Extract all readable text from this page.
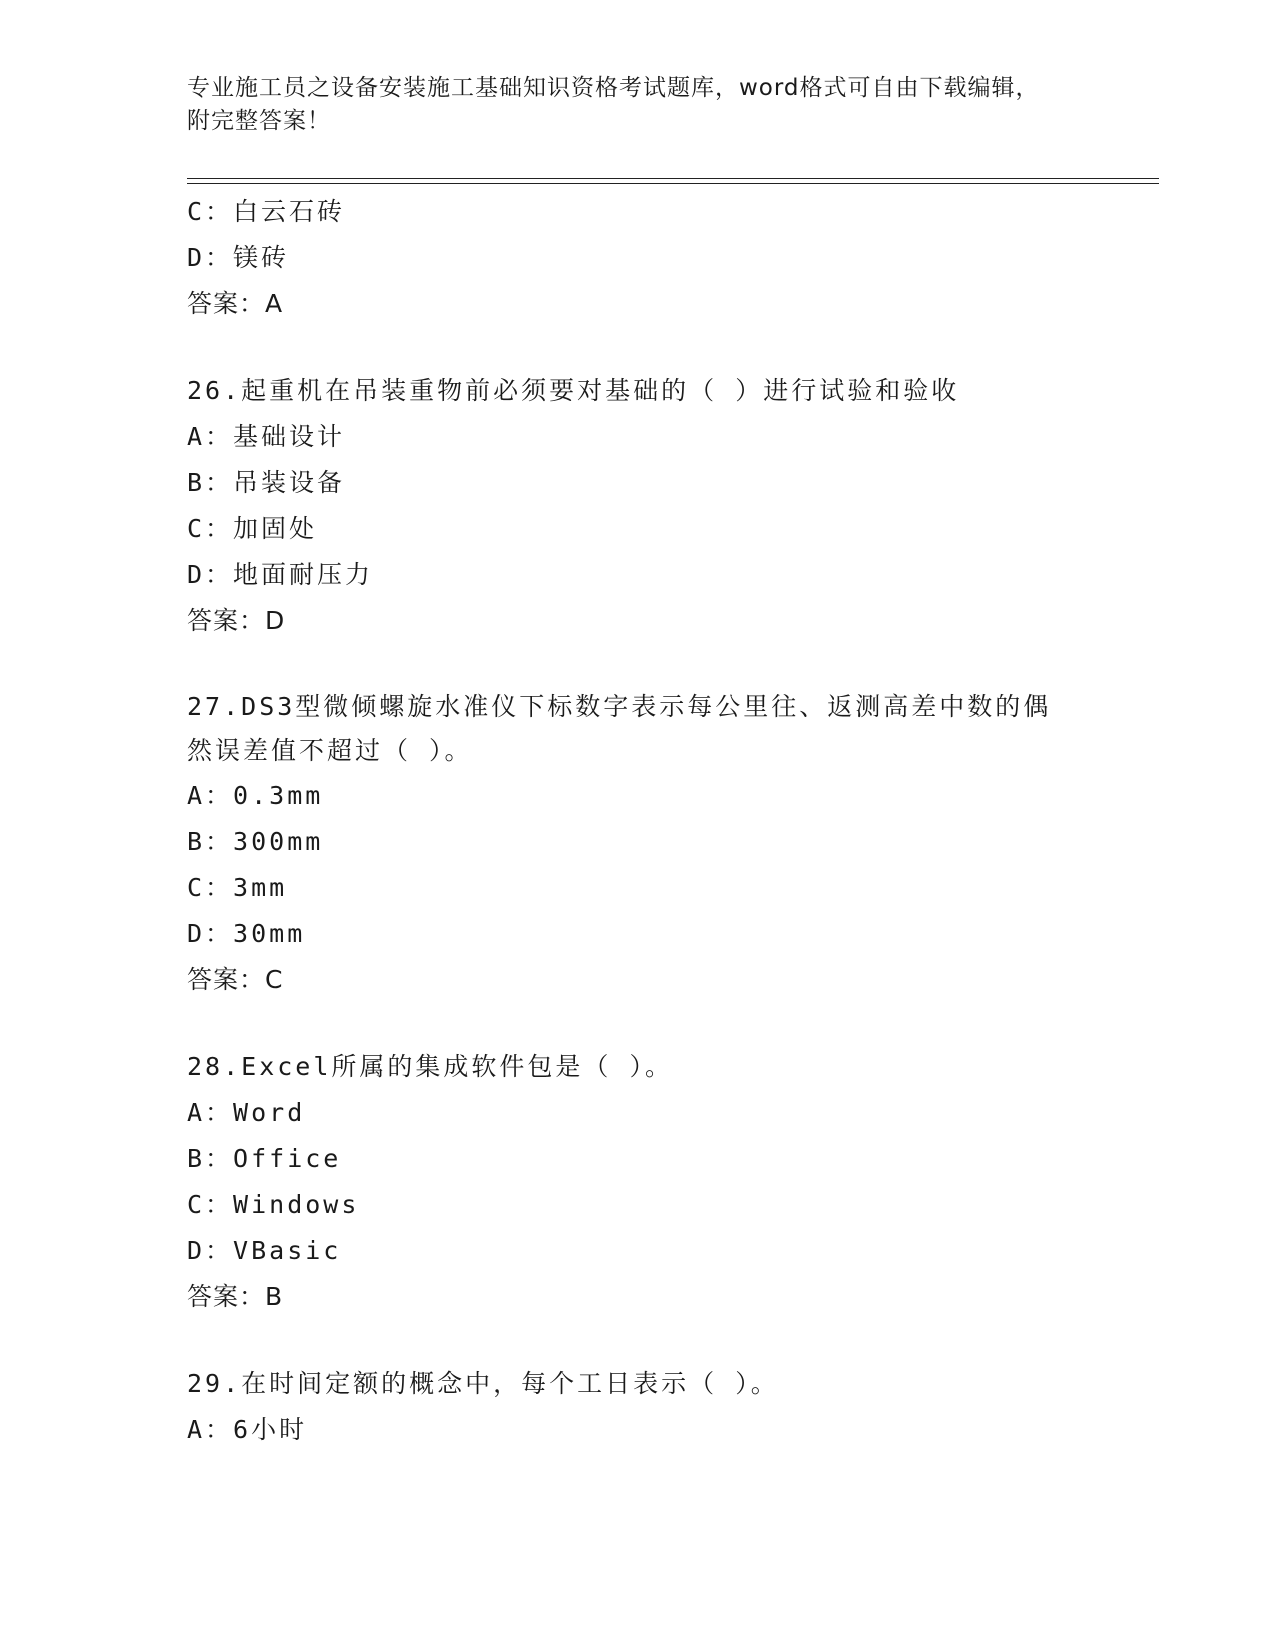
专业施工员之设备安装施工基础知识资格考试题库，word格式可自由下载编辑，
附完整答案！
C：白云石砖
D：镁砖
答案：A
26.起重机在吊装重物前必须要对基础的（ ）进行试验和验收
A：基础设计
B：吊装设备
C：加固处
D：地面耐压力
答案：D
27.DS3型微倾螺旋水准仪下标数字表示每公里往、返测高差中数的偶
然误差值不超过（ ）。
A：0.3mm
B：300mm
C：3mm
D：30mm
答案：C
28.Excel所属的集成软件包是（ ）。
A：Word
B：Office
C：Windows
D：VBasic
答案：B
29.在时间定额的概念中，每个工日表示（ ）。
A：6小时
